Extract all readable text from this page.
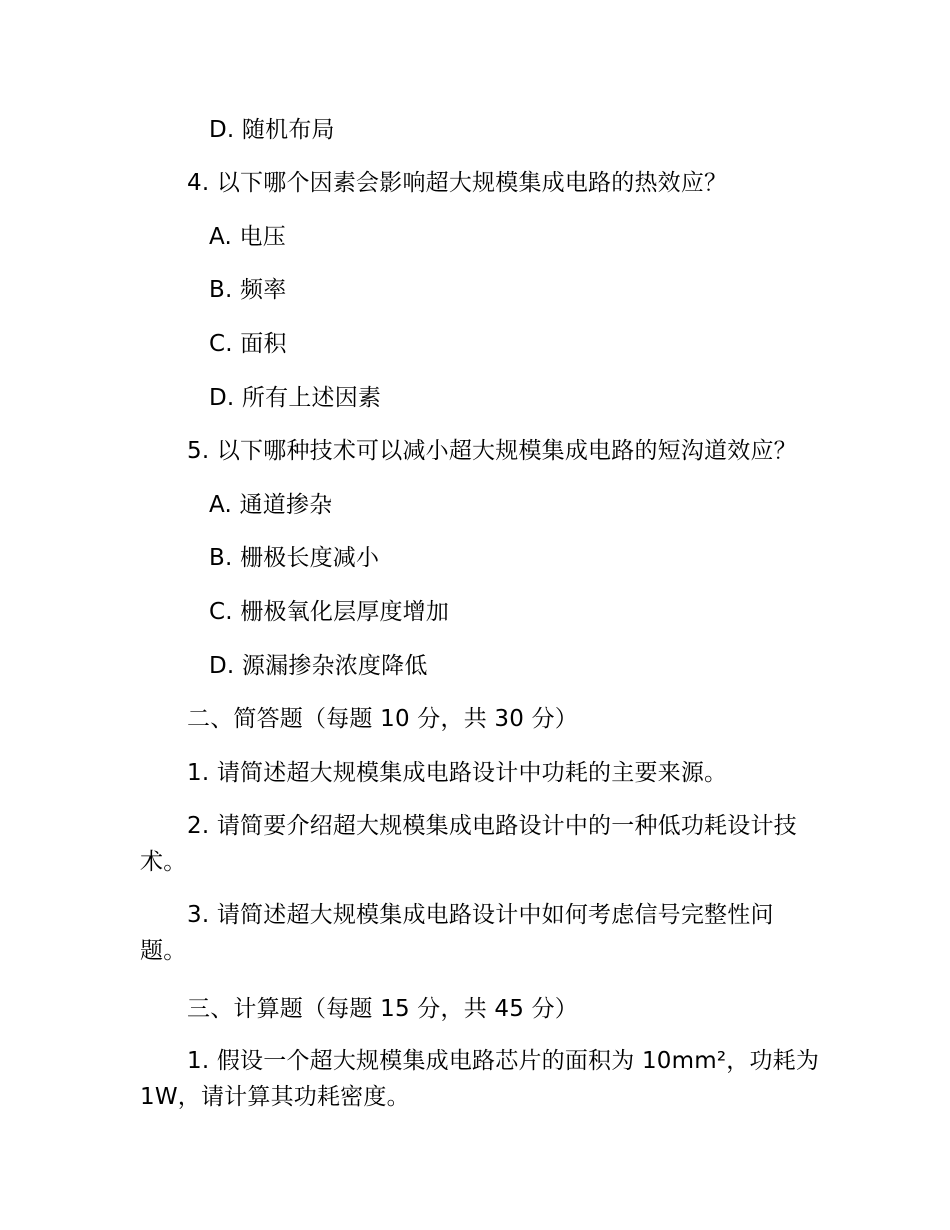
D. 随机布局
4. 以下哪个因素会影响超大规模集成电路的热效应？
A. 电压
B. 频率
C. 面积
D. 所有上述因素
5. 以下哪种技术可以减小超大规模集成电路的短沟道效应？
A. 通道掺杂
B. 栅极长度减小
C. 栅极氧化层厚度增加
D. 源漏掺杂浓度降低
二、简答题（每题 10 分，共 30 分）
1. 请简述超大规模集成电路设计中功耗的主要来源。
2. 请简要介绍超大规模集成电路设计中的一种低功耗设计技术。
3. 请简述超大规模集成电路设计中如何考虑信号完整性问题。
三、计算题（每题 15 分，共 45 分）
1. 假设一个超大规模集成电路芯片的面积为 10mm²，功耗为 1W，请计算其功耗密度。
